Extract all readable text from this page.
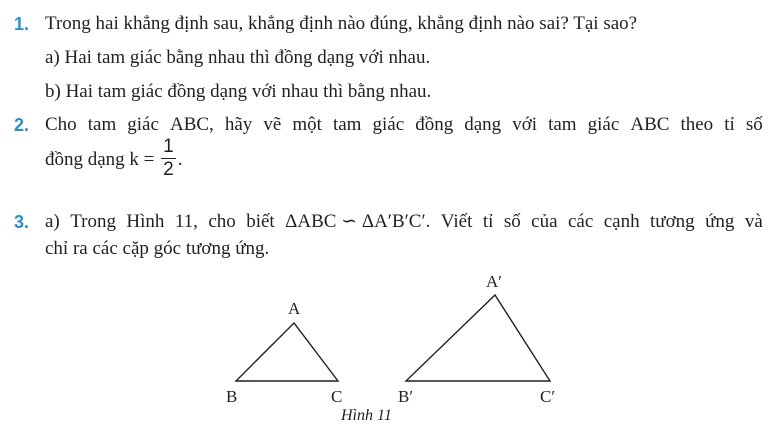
1. Trong hai khẳng định sau, khẳng định nào đúng, khẳng định nào sai? Tại sao?
a) Hai tam giác bằng nhau thì đồng dạng với nhau.
b) Hai tam giác đồng dạng với nhau thì bằng nhau.
2. Cho tam giác ABC, hãy vẽ một tam giác đồng dạng với tam giác ABC theo tỉ số
đồng dạng $k = \frac{1}{2}$ .
3. a) Trong Hình 11, cho biết ΔABC ∽ ΔA′B′C′. Viết tỉ số của các cạnh tương ứng và
chỉ ra các cặp góc tương ứng.
A
B	C
A′
B′	C′
Hình 11
